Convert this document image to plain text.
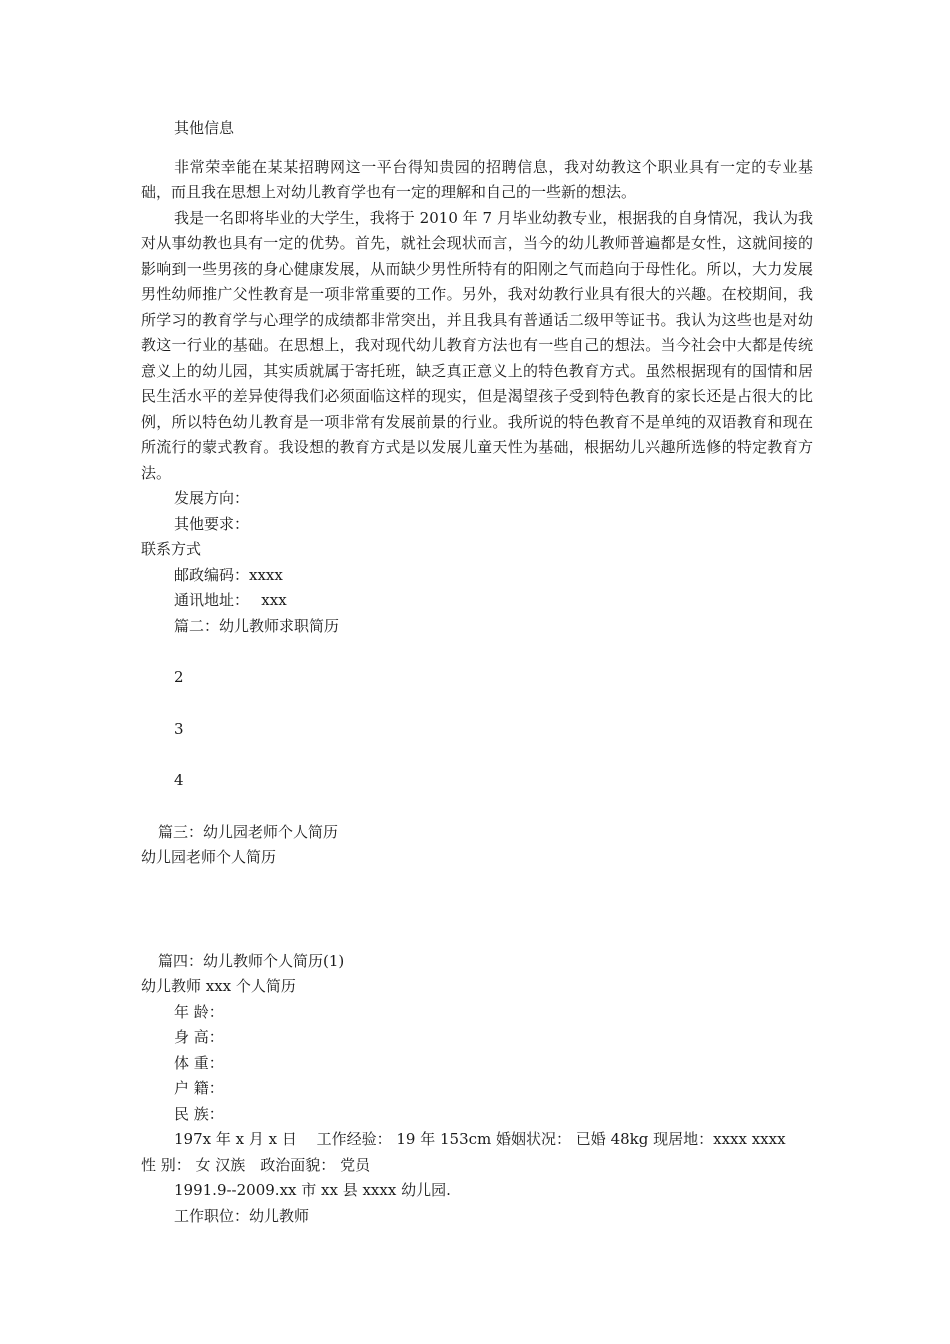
其他信息

非常荣幸能在某某招聘网这一平台得知贵园的招聘信息，我对幼教这个职业具有一定的专业基础，而且我在思想上对幼儿教育学也有一定的理解和自己的一些新的想法。

我是一名即将毕业的大学生，我将于 2010 年 7 月毕业幼教专业，根据我的自身情况，我认为我对从事幼教也具有一定的优势。首先，就社会现状而言，当今的幼儿教师普遍都是女性，这就间接的影响到一些男孩的身心健康发展，从而缺少男性所特有的阳刚之气而趋向于母性化。所以，大力发展男性幼师推广父性教育是一项非常重要的工作。另外，我对幼教行业具有很大的兴趣。在校期间，我所学习的教育学与心理学的成绩都非常突出，并且我具有普通话二级甲等证书。我认为这些也是对幼教这一行业的基础。在思想上，我对现代幼儿教育方法也有一些自己的想法。当今社会中大都是传统意义上的幼儿园，其实质就属于寄托班，缺乏真正意义上的特色教育方式。虽然根据现有的国情和居民生活水平的差异使得我们必须面临这样的现实，但是渴望孩子受到特色教育的家长还是占很大的比例，所以特色幼儿教育是一项非常有发展前景的行业。我所说的特色教育不是单纯的双语教育和现在所流行的蒙式教育。我设想的教育方式是以发展儿童天性为基础，根据幼儿兴趣所选修的特定教育方法。

发展方向：
其他要求：
联系方式
邮政编码：xxxx
通讯地址：　 xxx
篇二：幼儿教师求职简历
2
3
4
篇三：幼儿园老师个人简历
幼儿园老师个人简历
篇四：幼儿教师个人简历(1)
幼儿教师 xxx 个人简历
年 龄：
身 高：
体 重：
户 籍：
民 族：
197x 年 x 月 x 日　 工作经验： 19 年 153cm 婚姻状况： 已婚 48kg 现居地：xxxx xxxx
性 别： 女 汉族　政治面貌： 党员
1991.9--2009.xx 市 xx 县 xxxx 幼儿园.
工作职位：幼儿教师
